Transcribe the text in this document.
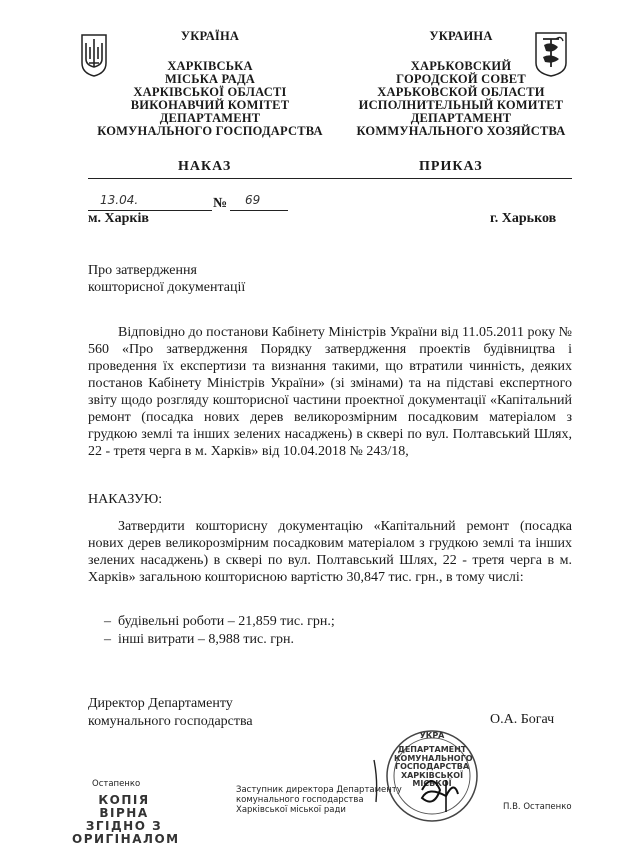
УКРАЇНА
ХАРКІВСЬКА
МІСЬКА РАДА
ХАРКІВСЬКОЇ ОБЛАСТІ
ВИКОНАВЧИЙ КОМІТЕТ
ДЕПАРТАМЕНТ
КОМУНАЛЬНОГО ГОСПОДАРСТВА
УКРАИНА
ХАРЬКОВСКИЙ
ГОРОДСКОЙ СОВЕТ
ХАРЬКОВСКОЙ ОБЛАСТИ
ИСПОЛНИТЕЛЬНЫЙ КОМИТЕТ
ДЕПАРТАМЕНТ
КОММУНАЛЬНОГО ХОЗЯЙСТВА
НАКАЗ	ПРИКАЗ
13.04.	№ 69
м. Харків	г. Харьков
Про затвердження
кошторисної документації

Відповідно до постанови Кабінету Міністрів України від 11.05.2011 року № 560 «Про затвердження Порядку затвердження проектів будівництва і проведення їх експертизи та визнання такими, що втратили чинність, деяких постанов Кабінету Міністрів України» (зі змінами) та на підставі експертного звіту щодо розгляду кошторисної частини проектної документації «Капітальний ремонт (посадка нових дерев великорозмірним посадковим матеріалом з грудкою землі та інших зелених насаджень) в сквері по вул. Полтавський Шлях, 22 - третя черга в м. Харків» від 10.04.2018 № 243/18,

НАКАЗУЮ:

Затвердити кошторисну документацію «Капітальний ремонт (посадка нових дерев великорозмірним посадковим матеріалом з грудкою землі та інших зелених насаджень) в сквері по вул. Полтавський Шлях, 22 - третя черга в м. Харків» загальною кошторисною вартістю 30,847 тис. грн., в тому числі:

–  будівельні роботи – 21,859 тис. грн.;
–  інші витрати – 8,988 тис. грн.
Директор Департаменту
комунального господарства	О.А. Богач
Остапенко
КОПІЯ ВІРНА
ЗГІДНО З
ОРИГІНАЛОМ
Заступник директора Департаменту
комунального господарства
Харківської міської ради
УКРА
ДЕПАРТАМЕНТ
КОМУНАЛЬНОГО
ГОСПОДАРСТВА
ХАРКІВСЬКОЇ
МІСЬКОЇ
П.В. Остапенко
